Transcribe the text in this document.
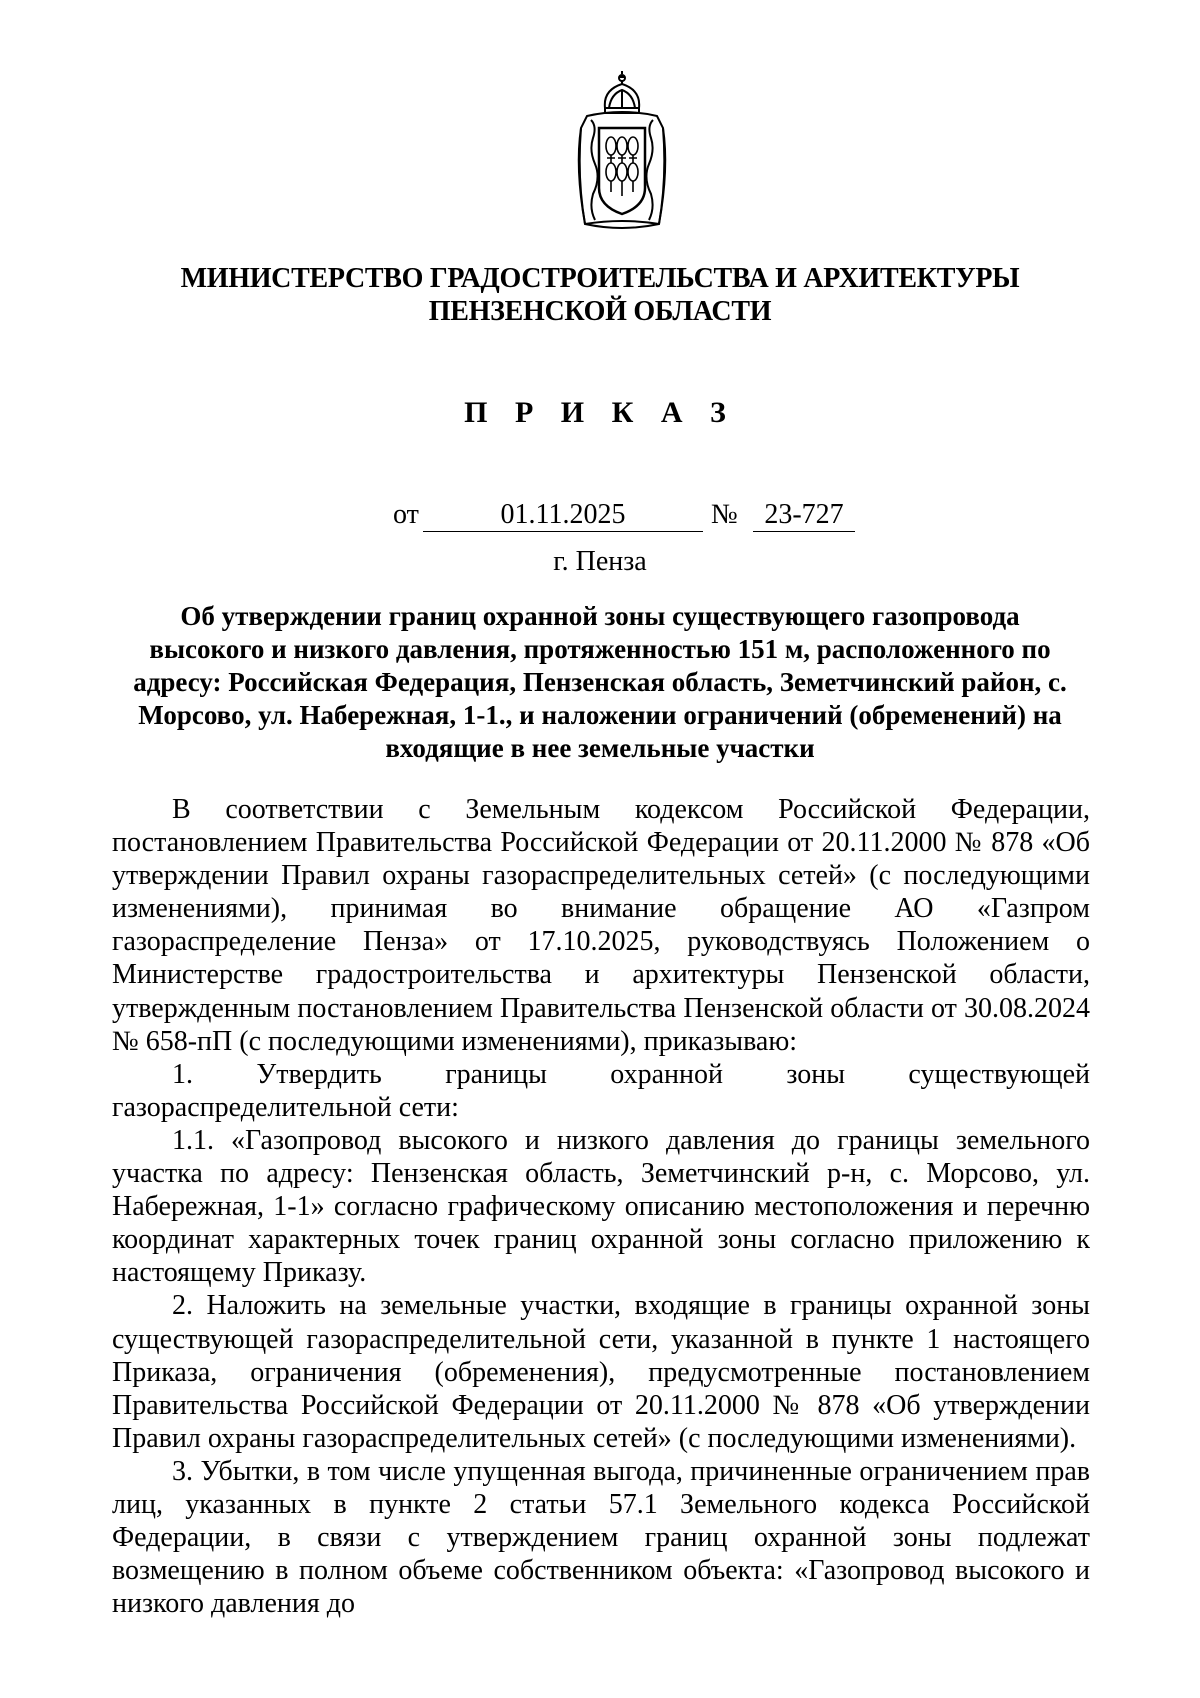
МИНИСТЕРСТВО ГРАДОСТРОИТЕЛЬСТВА И АРХИТЕКТУРЫ
ПЕНЗЕНСКОЙ ОБЛАСТИ
П Р И К А З
от	01.11.2025	№ 23-727
г. Пенза
Об утверждении границ охранной зоны существующего газопровода высокого и низкого давления, протяженностью 151 м, расположенного по адресу: Российская Федерация, Пензенская область, Земетчинский район, с. Морсово, ул. Набережная, 1-1., и наложении ограничений (обременений) на входящие в нее земельные участки

В соответствии с Земельным кодексом Российской Федерации, постановлением Правительства Российской Федерации от 20.11.2000 № 878 «Об утверждении Правил охраны газораспределительных сетей» (с последующими изменениями), принимая во внимание обращение АО «Газпром газораспределение Пенза» от 17.10.2025, руководствуясь Положением о Министерстве градостроительства и архитектуры Пензенской области, утвержденным постановлением Правительства Пензенской области от 30.08.2024 № 658-пП (с последующими изменениями), приказываю:

1. Утвердить границы охранной зоны существующей газораспределительной сети:

1.1. «Газопровод высокого и низкого давления до границы земельного участка по адресу: Пензенская область, Земетчинский р-н, с. Морсово, ул. Набережная, 1-1» согласно графическому описанию местоположения и перечню координат характерных точек границ охранной зоны согласно приложению к настоящему Приказу.

2. Наложить на земельные участки, входящие в границы охранной зоны существующей газораспределительной сети, указанной в пункте 1 настоящего Приказа, ограничения (обременения), предусмотренные постановлением Правительства Российской Федерации от 20.11.2000 № 878 «Об утверждении Правил охраны газораспределительных сетей» (с последующими изменениями).

3. Убытки, в том числе упущенная выгода, причиненные ограничением прав лиц, указанных в пункте 2 статьи 57.1 Земельного кодекса Российской Федерации, в связи с утверждением границ охранной зоны подлежат возмещению в полном объеме собственником объекта: «Газопровод высокого и низкого давления до
